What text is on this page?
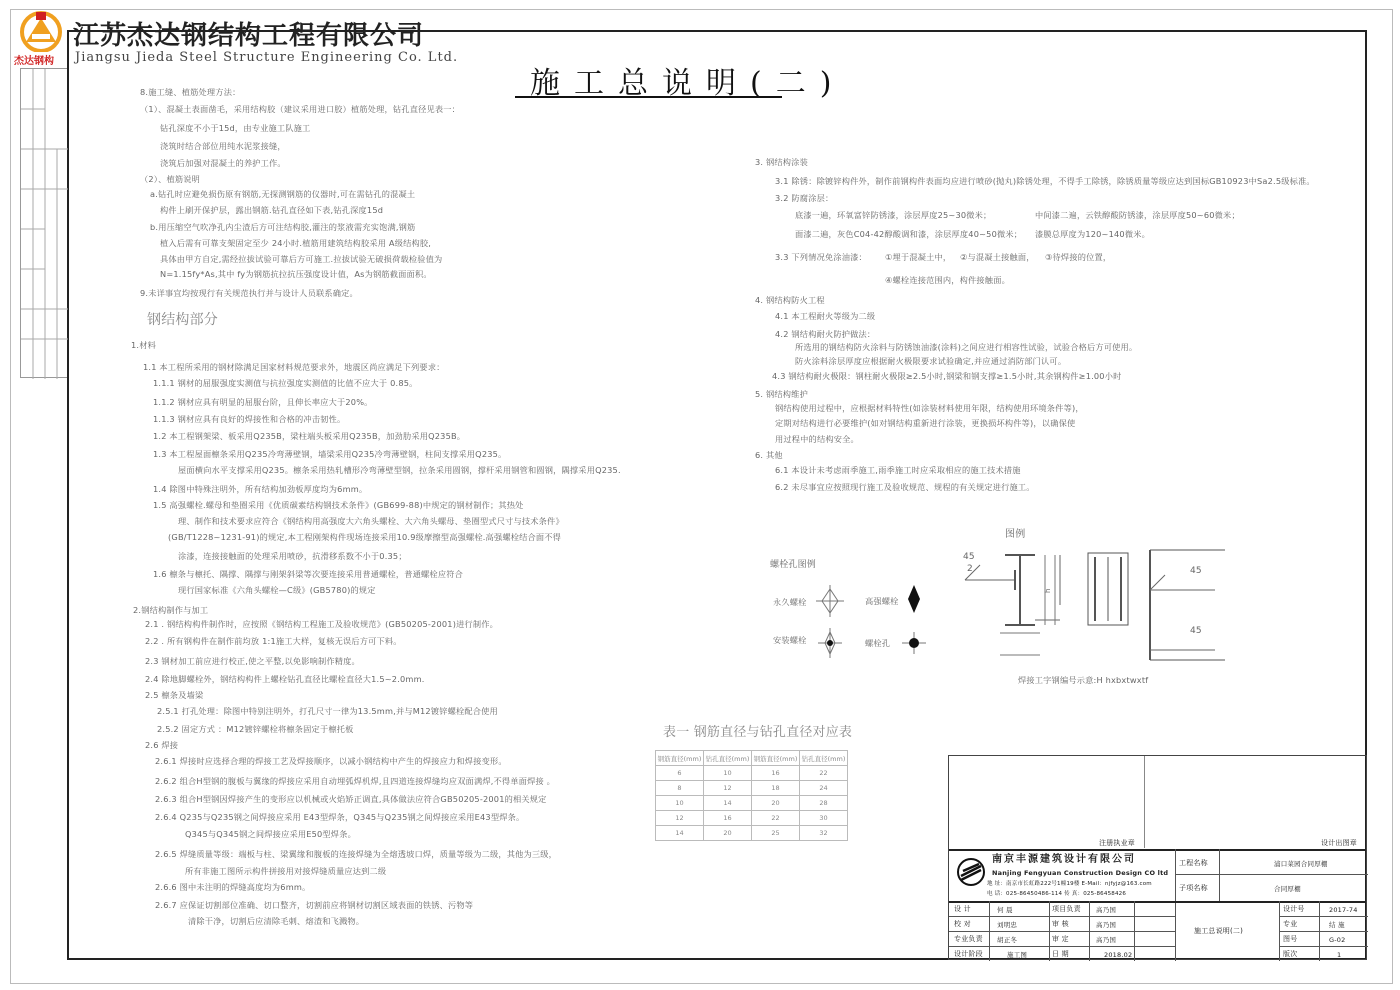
杰达钢构
江苏杰达钢结构工程有限公司
Jiangsu Jieda Steel Structure Engineering Co. Ltd.
施工总说明(二)
8.施工缝、植筋处理方法：
（1）、混凝土表面凿毛，采用结构胶（建议采用进口胶）植筋处理，钻孔直径见表一：
钻孔深度不小于15d，由专业施工队施工
浇筑时结合部位用纯水泥浆接缝，
浇筑后加强对混凝土的养护工作。
（2）、植筋说明
a.钻孔时应避免损伤原有钢筋,无探测钢筋的仪器时,可在需钻孔的混凝土
构件上刷开保护层，露出钢筋.钻孔直径如下表,钻孔深度15d
b.用压缩空气吹净孔内尘渣后方可注结构胶,灌注的浆液需充实饱满,钢筋
植入后需有可靠支架固定至少 24小时.植筋用建筑结构胶采用 A级结构胶,
具体由甲方自定,需经拉拔试验可靠后方可施工.拉拔试验无破损荷载检验值为
N=1.15fy*As,其中 fy为钢筋抗拉抗压强度设计值，As为钢筋截面面积。
9.未详事宜均按现行有关规范执行并与设计人员联系确定。
钢结构部分
1.材料
1.1 本工程所采用的钢材除满足国家材料规范要求外，地震区尚应满足下列要求：
1.1.1 钢材的屈服强度实测值与抗拉强度实测值的比值不应大于 0.85。
1.1.2 钢材应具有明显的屈服台阶，且伸长率应大于20%。
1.1.3 钢材应具有良好的焊接性和合格的冲击韧性。
1.2 本工程钢架梁、板采用Q235B，梁柱端头板采用Q235B，加劲肋采用Q235B。
1.3 本工程屋面檩条采用Q235冷弯薄壁钢，墙梁采用Q235冷弯薄壁钢，柱间支撑采用Q235。
屋面横向水平支撑采用Q235。檩条采用热轧槽形冷弯薄壁型钢，拉条采用圆钢，撑杆采用钢管和圆钢，隅撑采用Q235.
1.4 除图中特殊注明外，所有结构加劲板厚度均为6mm。
1.5 高强螺栓.螺母和垫圈采用《优质碳素结构钢技术条件》(GB699-88)中规定的钢材制作；其热处
理、制作和技术要求应符合《钢结构用高强度大六角头螺栓、大六角头螺母、垫圈型式尺寸与技术条件》
(GB/T1228~1231-91)的规定,本工程刚架构件现场连接采用10.9级摩擦型高强螺栓.高强螺栓结合面不得
涂漆，连接接触面的处理采用喷砂，抗滑移系数不小于0.35；
1.6 檩条与檩托、隅撑、隅撑与刚架斜梁等次要连接采用普通螺栓，普通螺栓应符合
现行国家标准《六角头螺栓—C级》(GB5780)的规定
2.钢结构制作与加工
2.1 . 钢结构构件制作时，应按照《钢结构工程施工及验收规范》(GB50205-2001)进行制作。
2.2 . 所有钢构件在制作前均放 1:1施工大样，复核无误后方可下料。
2.3 钢材加工前应进行校正,使之平整,以免影响制作精度。
2.4 除地脚螺栓外，钢结构构件上螺栓钻孔直径比螺栓直径大1.5~2.0mm.
2.5 檩条及墙梁
2.5.1 打孔处理：除图中特别注明外，打孔尺寸一律为13.5mm,并与M12镀锌螺栓配合使用
2.5.2 固定方式 ：M12镀锌螺栓将檩条固定于檩托板
2.6 焊接
2.6.1 焊接时应选择合理的焊接工艺及焊接顺序，以减小钢结构中产生的焊接应力和焊接变形。
2.6.2 组合H型钢的腹板与翼缘的焊接应采用自动埋弧焊机焊,且四道连接焊缝均应双面满焊,不得单面焊接 。
2.6.3 组合H型钢因焊接产生的变形应以机械或火焰矫正调直,具体做法应符合GB50205-2001的相关规定
2.6.4 Q235与Q235钢之间焊接应采用 E43型焊条，Q345与Q235钢之间焊接应采用E43型焊条。
Q345与Q345钢之间焊接应采用E50型焊条。
2.6.5 焊缝质量等级：端板与柱、梁翼缘和腹板的连接焊缝为全熔透坡口焊，质量等级为二级，其他为三级，
所有非施工图所示构件拼接用对接焊缝质量应达到二级
2.6.6 图中未注明的焊缝高度均为6mm。
2.6.7 应保证切割部位准确、切口整齐，切割前应将钢材切割区域表面的铁锈、污物等
清除干净，切割后应清除毛刺、熔渣和飞溅物。
3. 钢结构涂装
3.1 除锈：除镀锌构件外，制作前钢构件表面均应进行喷砂(抛丸)除锈处理，不得手工除锈，除锈质量等级应达到国标GB10923中Sa2.5级标准。
3.2 防腐涂层：
底漆一遍，环氧富锌防锈漆，涂层厚度25~30微米；	中间漆二遍，云铁醇酸防锈漆，涂层厚度50~60微米；
面漆二遍，灰色C04-42醇酸调和漆，涂层厚度40~50微米； 漆膜总厚度为120~140微米。
3.3 下列情况免涂油漆： ①埋于混凝土中， ②与混凝土接触面， ③待焊接的位置，
④螺栓连接范围内，构件接触面。
4. 钢结构防火工程
4.1 本工程耐火等级为二级
4.2 钢结构耐火防护做法：
所选用的钢结构防火涂料与防锈蚀油漆(涂料)之间应进行相容性试验，试验合格后方可使用。
防火涂料涂层厚度应根据耐火极限要求试验确定,并应通过消防部门认可。
4.3 钢结构耐火极限：钢柱耐火极限≥2.5小时,钢梁和钢支撑≥1.5小时,其余钢构件≥1.00小时
5. 钢结构维护
钢结构使用过程中，应根据材料特性(如涂装材料使用年限，结构使用环境条件等)，
定期对结构进行必要维护(如对钢结构重新进行涂装，更换损坏构件等)，以确保使
用过程中的结构安全。
6. 其他
6.1 本设计未考虑雨季施工,雨季施工时应采取相应的施工技术措施
6.2 未尽事宜应按照现行施工及验收规范、规程的有关规定进行施工。
图例
螺栓孔图例
永久螺栓	高强螺栓
安装螺栓	螺栓孔
h
45
2	45
45
焊接工字钢编号示意:H hxbxtwxtf
表一 钢筋直径与钻孔直径对应表
钢筋直径(mm)	钻孔直径(mm)	钢筋直径(mm)	钻孔直径(mm)
6	10	16	22
8	12	18	24
10	14	20	28
12	16	22	30
14	20	25	32
注册执业章	设计出图章
南京丰源建筑设计有限公司
Nanjing Fengyuan Construction Design CO ltd
地 址：南京市长虹路222号1幢19楼 E-Mail：njfyjz@163.com
电 话：025-86450486-114 传 真：025-86458426
工程名称	浦口菜园合同厚棚
子项名称	合同厚棚
设 计	何 晨	项目负责 高乃国
校 对	刘明忠	审 核	高乃国
专业负责 胡正冬	审 定	高乃国
设计阶段	施工图	日 期	2018.02
施工总说明(二)
设计号	2017-74
专业	结 施
图号	G-02
版次	1
